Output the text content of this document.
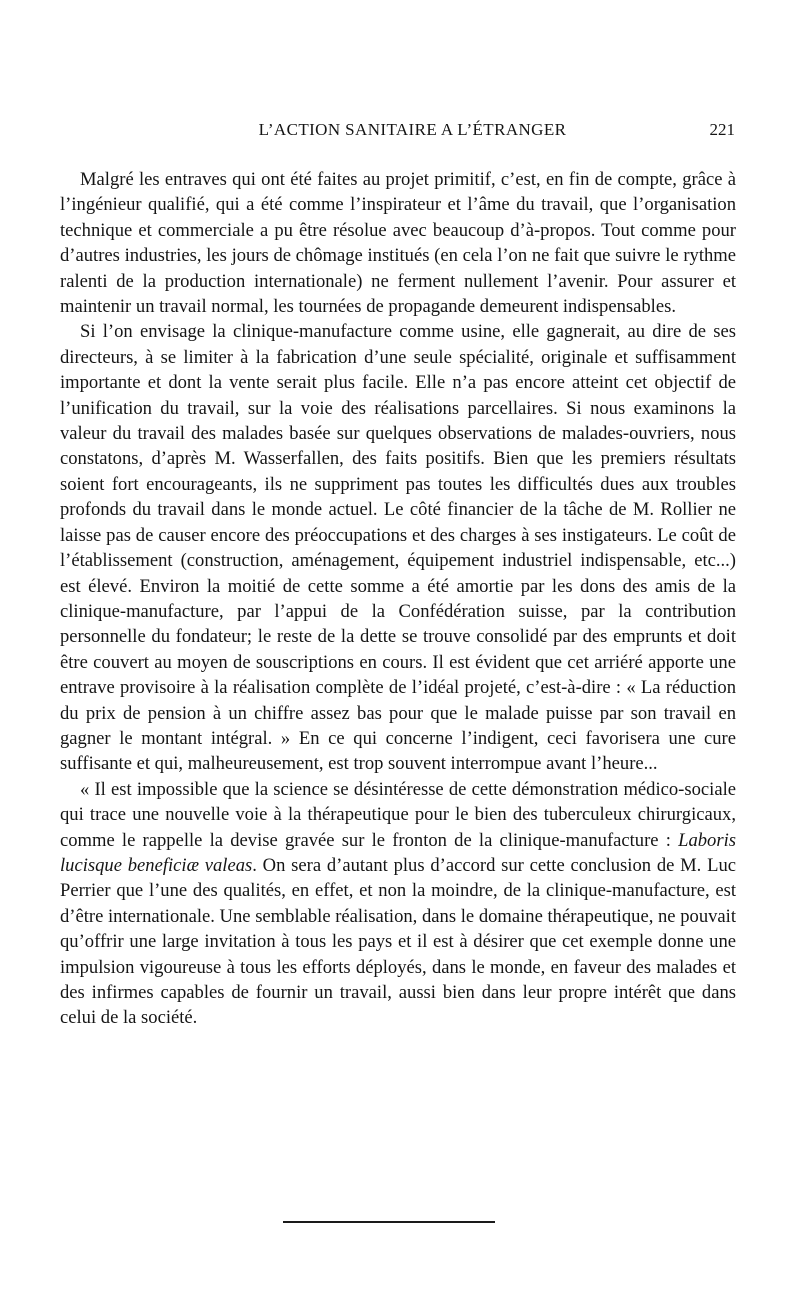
L’ACTION SANITAIRE A L’ÉTRANGER	221

Malgré les entraves qui ont été faites au projet primitif, c’est, en fin de compte, grâce à l’ingénieur qualifié, qui a été comme l’inspirateur et l’âme du travail, que l’organisation technique et commerciale a pu être résolue avec beaucoup d’à-propos. Tout comme pour d’autres industries, les jours de chômage institués (en cela l’on ne fait que suivre le rythme ralenti de la production internationale) ne ferment nullement l’avenir. Pour assurer et maintenir un travail normal, les tournées de propagande demeurent indispensables.

Si l’on envisage la clinique-manufacture comme usine, elle gagnerait, au dire de ses directeurs, à se limiter à la fabrication d’une seule spécialité, originale et suffisamment importante et dont la vente serait plus facile. Elle n’a pas encore atteint cet objectif de l’unification du travail, sur la voie des réalisations parcellaires. Si nous examinons la valeur du travail des malades basée sur quelques observations de malades-ouvriers, nous constatons, d’après M. Wasserfallen, des faits positifs. Bien que les premiers résultats soient fort encourageants, ils ne suppriment pas toutes les difficultés dues aux troubles profonds du travail dans le monde actuel. Le côté financier de la tâche de M. Rollier ne laisse pas de causer encore des préoccupations et des charges à ses instigateurs. Le coût de l’établissement (construction, aménagement, équipement industriel indispensable, etc...) est élevé. Environ la moitié de cette somme a été amortie par les dons des amis de la clinique-manufacture, par l’appui de la Confédération suisse, par la contribution personnelle du fondateur; le reste de la dette se trouve consolidé par des emprunts et doit être couvert au moyen de souscriptions en cours. Il est évident que cet arriéré apporte une entrave provisoire à la réalisation complète de l’idéal projeté, c’est-à-dire : « La réduction du prix de pension à un chiffre assez bas pour que le malade puisse par son travail en gagner le montant intégral. » En ce qui concerne l’indigent, ceci favorisera une cure suffisante et qui, malheureusement, est trop souvent interrompue avant l’heure...

« Il est impossible que la science se désintéresse de cette démonstration médico-sociale qui trace une nouvelle voie à la thérapeutique pour le bien des tuberculeux chirurgicaux, comme le rappelle la devise gravée sur le fronton de la clinique-manufacture : Laboris lucisque beneficiæ valeas. On sera d’autant plus d’accord sur cette conclusion de M. Luc Perrier que l’une des qualités, en effet, et non la moindre, de la clinique-manufacture, est d’être internationale. Une semblable réalisation, dans le domaine thérapeutique, ne pouvait qu’offrir une large invitation à tous les pays et il est à désirer que cet exemple donne une impulsion vigoureuse à tous les efforts déployés, dans le monde, en faveur des malades et des infirmes capables de fournir un travail, aussi bien dans leur propre intérêt que dans celui de la société.
